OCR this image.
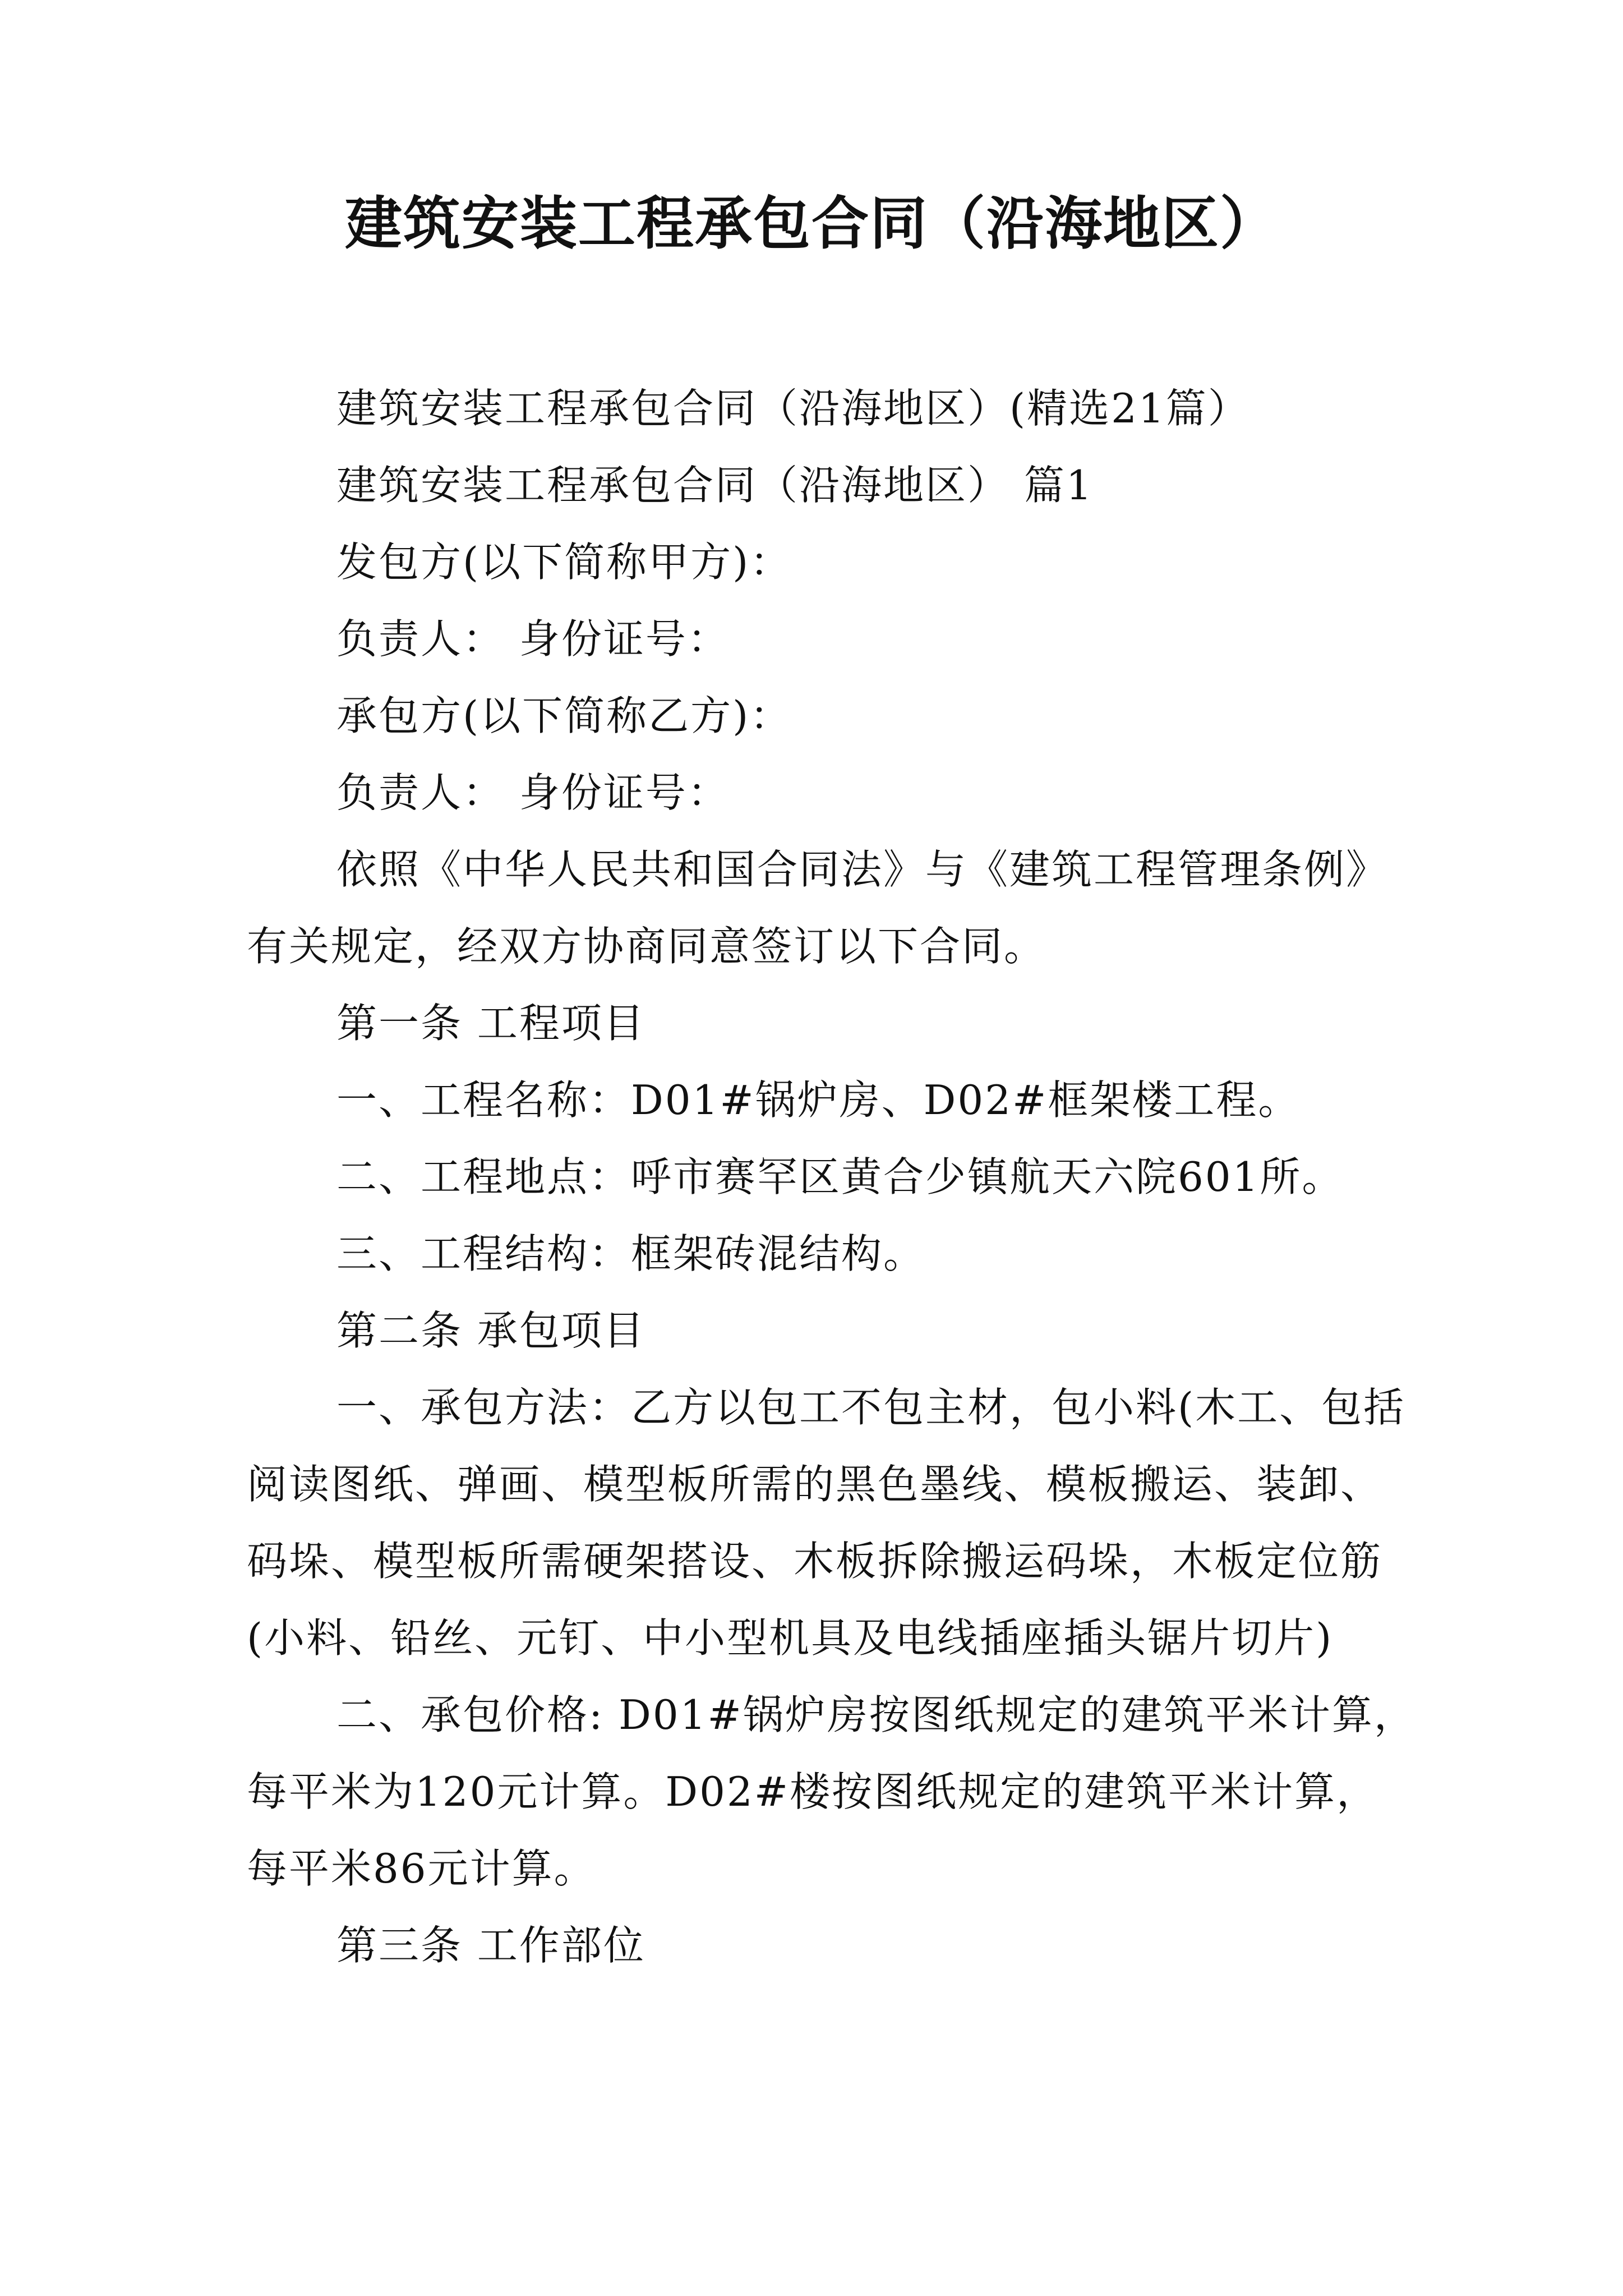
建筑安装工程承包合同（沿海地区）

建筑安装工程承包合同（沿海地区）(精选21篇）

建筑安装工程承包合同（沿海地区） 篇1

发包方(以下简称甲方)：

负责人： 身份证号：

承包方(以下简称乙方)：

负责人： 身份证号：

依照《中华人民共和国合同法》与《建筑工程管理条例》有关规定，经双方协商同意签订以下合同。

第一条 工程项目

一、工程名称：D01#锅炉房、D02#框架楼工程。

二、工程地点：呼市赛罕区黄合少镇航天六院601所。

三、工程结构：框架砖混结构。

第二条 承包项目

一、承包方法：乙方以包工不包主材，包小料(木工、包括阅读图纸、弹画、模型板所需的黑色墨线、模板搬运、装卸、码垛、模型板所需硬架搭设、木板拆除搬运码垛，木板定位筋(小料、铅丝、元钉、中小型机具及电线插座插头锯片切片)

二、承包价格: D01#锅炉房按图纸规定的建筑平米计算，每平米为120元计算。D02#楼按图纸规定的建筑平米计算，每平米86元计算。

第三条 工作部位
